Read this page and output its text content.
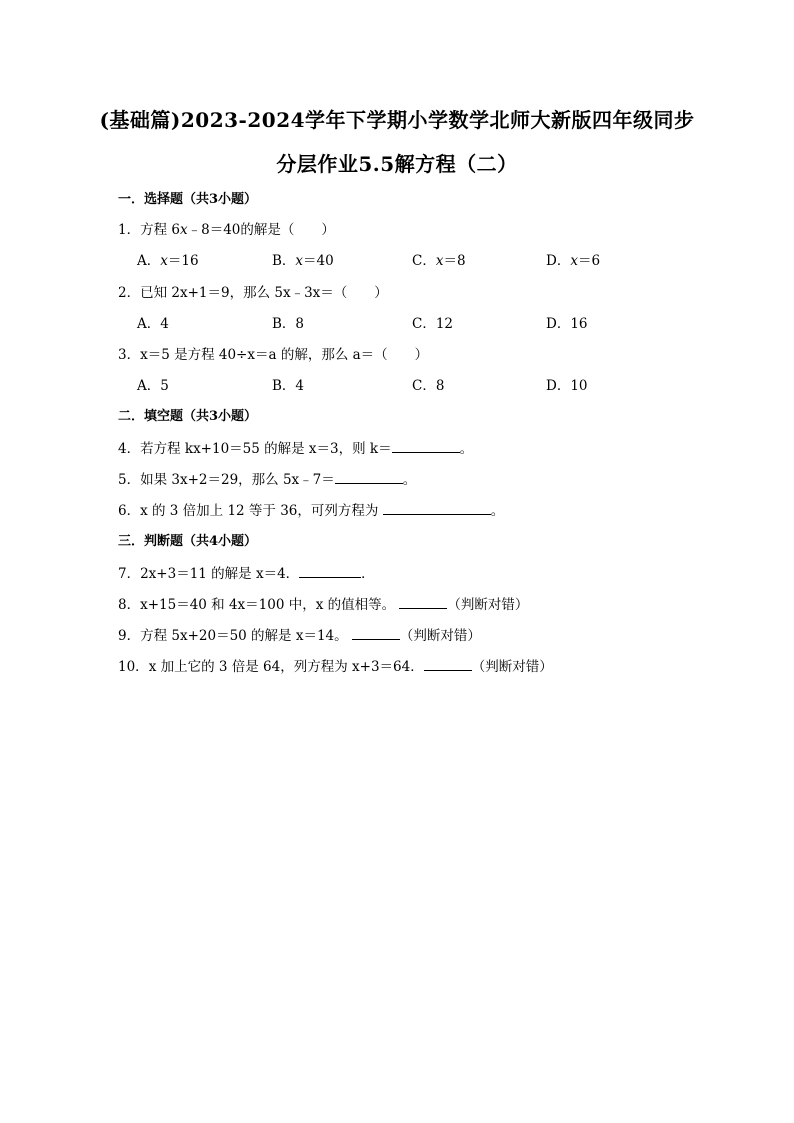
(基础篇)2023-2024学年下学期小学数学北师大新版四年级同步
分层作业5.5解方程（二）
一．选择题（共3小题）
1．方程 6x﹣8＝40的解是（　　）
A．x＝16	B．x＝40	C．x＝8	D．x＝6
2．已知 2x+1＝9，那么 5x﹣3x＝（　　）
A．4	B．8	C．12	D．16
3．x＝5 是方程 40÷x＝a 的解，那么 a＝（　　）
A．5	B．4	C．8	D．10
二．填空题（共3小题）
4．若方程 kx+10＝55 的解是 x＝3，则 k＝	。
5．如果 3x+2＝29，那么 5x﹣7＝	。
6．x 的 3 倍加上 12 等于 36，可列方程为	。
三．判断题（共4小题）
7．2x+3＝11 的解是 x＝4．	．
8．x+15＝40 和 4x＝100 中，x 的值相等。	（判断对错）
9．方程 5x+20＝50 的解是 x＝14。	（判断对错）
10．x 加上它的 3 倍是 64，列方程为 x+3＝64．	（判断对错）
